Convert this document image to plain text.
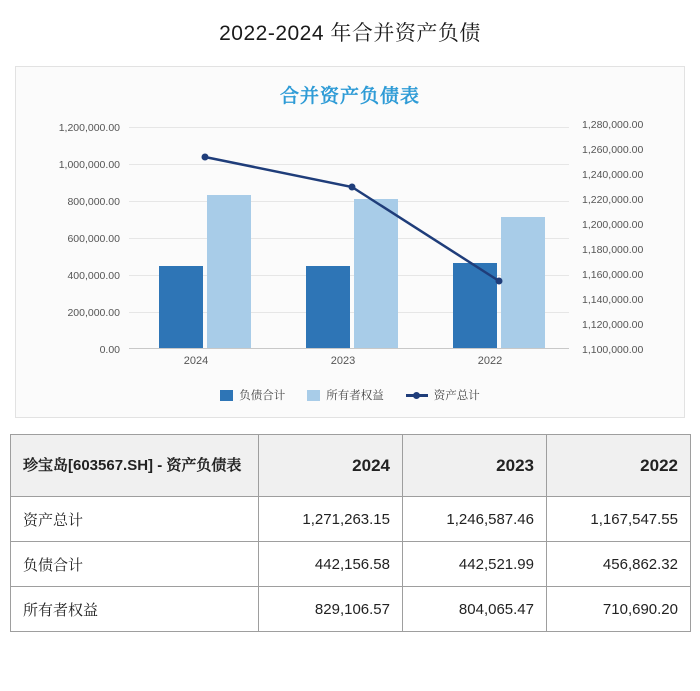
2022-2024 年合并资产负债
合并资产负债表
0.00
200,000.00
400,000.00
600,000.00
800,000.00
1,000,000.00
1,200,000.00
1,100,000.00
1,120,000.00
1,140,000.00
1,160,000.00
1,180,000.00
1,200,000.00
1,220,000.00
1,240,000.00
1,260,000.00
1,280,000.00
2024	2023	2022
负债合计	所有者权益	资产总计
珍宝岛[603567.SH] - 资产负债表	2024	2023	2022
资产总计	1,271,263.15	1,246,587.46	1,167,547.55
负债合计	442,156.58	442,521.99	456,862.32
所有者权益	829,106.57	804,065.47	710,690.20
